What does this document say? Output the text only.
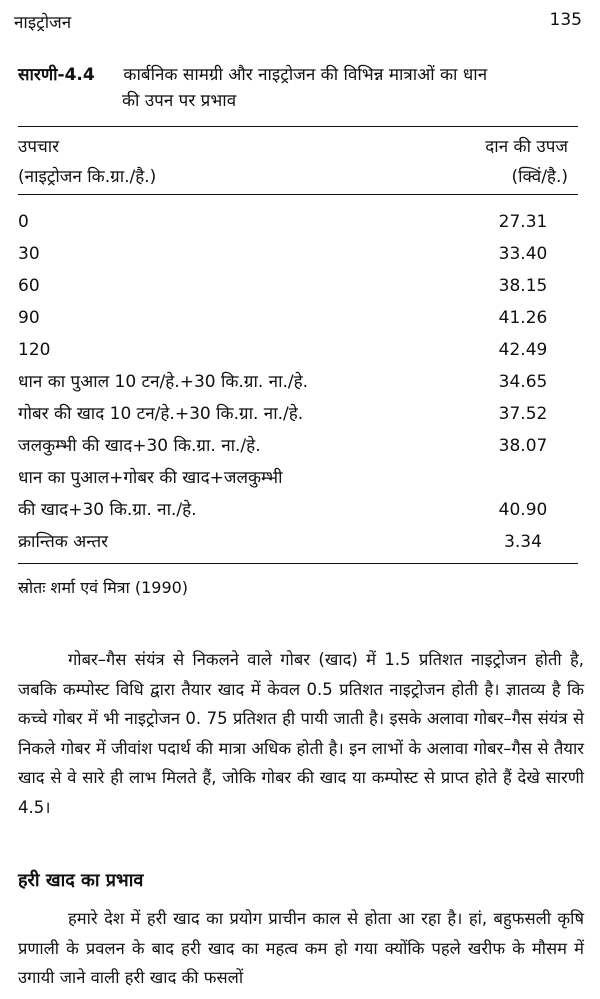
नाइट्रोजन	135
सारणी-4.4 कार्बनिक सामग्री और नाइट्रोजन की विभिन्न मात्राओं का धान
की उपन पर प्रभाव
उपचार	दान की उपज
(नाइट्रोजन कि.ग्रा./है.)	(क्विं/है.)
0	27.31
30	33.40
60	38.15
90	41.26
120	42.49
धान का पुआल 10 टन/हे.+30 कि.ग्रा. ना./हे.	34.65
गोबर की खाद 10 टन/हे.+30 कि.ग्रा. ना./हे.	37.52
जलकुम्भी की खाद+30 कि.ग्रा. ना./हे.	38.07
धान का पुआल+गोबर की खाद+जलकुम्भी
की खाद+30 कि.ग्रा. ना./हे.	40.90
क्रान्तिक अन्तर	3.34
स्रोतः शर्मा एवं मित्रा (1990)

गोबर–गैस संयंत्र से निकलने वाले गोबर (खाद) में 1.5 प्रतिशत नाइट्रोजन होती है, जबकि कम्पोस्ट विधि द्वारा तैयार खाद में केवल 0.5 प्रतिशत नाइट्रोजन होती है। ज्ञातव्य है कि कच्चे गोबर में भी नाइट्रोजन 0. 75 प्रतिशत ही पायी जाती है। इसके अलावा गोबर–गैस संयंत्र से निकले गोबर में जीवांश पदार्थ की मात्रा अधिक होती है। इन लाभों के अलावा गोबर–गैस से तैयार खाद से वे सारे ही लाभ मिलते हैं, जोकि गोबर की खाद या कम्पोस्ट से प्राप्त होते हैं देखे सारणी 4.5।

हरी खाद का प्रभाव

हमारे देश में हरी खाद का प्रयोग प्राचीन काल से होता आ रहा है। हां, बहुफसली कृषि प्रणाली के प्रवलन के बाद हरी खाद का महत्व कम हो गया क्योंकि पहले खरीफ के मौसम में उगायी जाने वाली हरी खाद की फसलों
